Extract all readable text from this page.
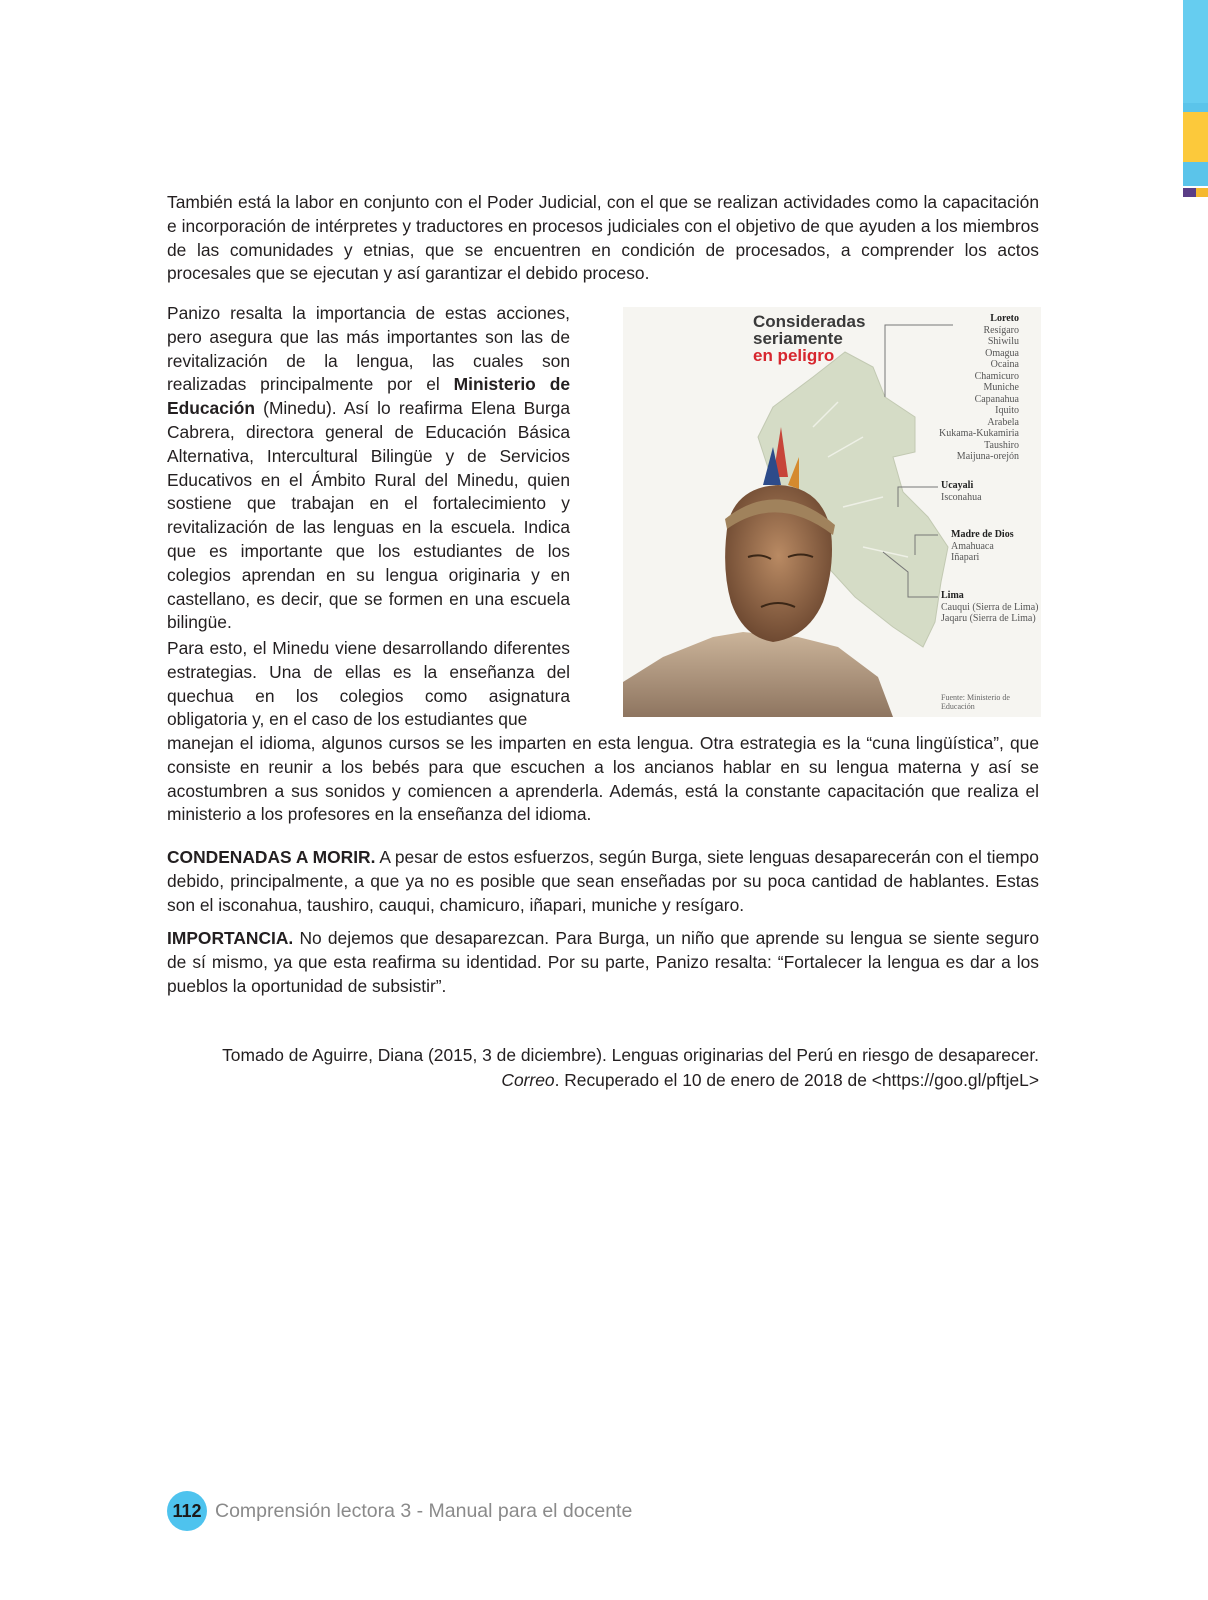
También está la labor en conjunto con el Poder Judicial, con el que se realizan actividades como la capacitación e incorporación de intérpretes y traductores en procesos judiciales con el objetivo de que ayuden a los miembros de las comunidades y etnias, que se encuentren en condición de procesados, a comprender los actos procesales que se ejecutan y así garantizar el debido proceso.

Panizo resalta la importancia de estas acciones, pero asegura que las más importantes son las de revitalización de la lengua, las cuales son realizadas principalmente por el Ministerio de Educación (Minedu). Así lo reafirma Elena Burga Cabrera, directora general de Educación Básica Alternativa, Intercultural Bilingüe y de Servicios Educativos en el Ámbito Rural del Minedu, quien sostiene que trabajan en el fortalecimiento y revitalización de las lenguas en la escuela. Indica que es importante que los estudiantes de los colegios aprendan en su lengua originaria y en castellano, es decir, que se formen en una escuela bilingüe.

Para esto, el Minedu viene desarrollando diferentes estrategias. Una de ellas es la enseñanza del quechua en los colegios como asignatura obligatoria y, en el caso de los estudiantes que

manejan el idioma, algunos cursos se les imparten en esta lengua. Otra estrategia es la “cuna lingüística”, que consiste en reunir a los bebés para que escuchen a los ancianos hablar en su lengua materna y así se acostumbren a sus sonidos y comiencen a aprenderla. Además, está la constante capacitación que realiza el ministerio a los profesores en la enseñanza del idioma.

Consideradas
seriamente
en peligro
Loreto
Resígaro
Shiwilu
Omagua
Ocaina
Chamicuro
Muniche
Capanahua
Iquito
Arabela
Kukama-Kukamiria
Taushiro
Maijuna-orejón
Ucayali
Isconahua
Madre de Dios
Amahuaca
Iñapari
Lima
Cauqui (Sierra de Lima)
Jaqaru (Sierra de Lima)
Fuente: Ministerio de Educación

CONDENADAS A MORIR. A pesar de estos esfuerzos, según Burga, siete lenguas desaparecerán con el tiempo debido, principalmente, a que ya no es posible que sean enseñadas por su poca cantidad de hablantes. Estas son el isconahua, taushiro, cauqui, chamicuro, iñapari, muniche y resígaro.

IMPORTANCIA. No dejemos que desaparezcan. Para Burga, un niño que aprende su lengua se siente seguro de sí mismo, ya que esta reafirma su identidad. Por su parte, Panizo resalta: “Fortalecer la lengua es dar a los pueblos la oportunidad de subsistir”.

Tomado de Aguirre, Diana (2015, 3 de diciembre). Lenguas originarias del Perú en riesgo de desaparecer.
Correo. Recuperado el 10 de enero de 2018 de <https://goo.gl/pftjeL>
112 Comprensión lectora 3 - Manual para el docente
